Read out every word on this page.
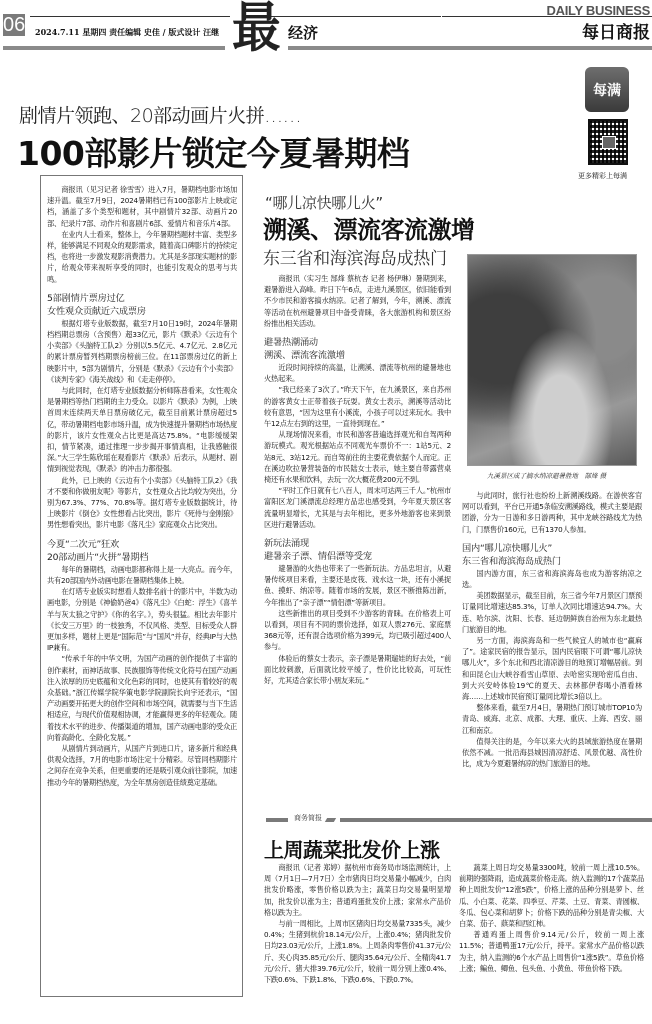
06 2024.7.11 星期四 责任编辑 史佳 / 版式设计 汪继 最 经济
DAILY BUSINESS
每日商报
每满
更多精彩上每满
剧情片领跑、20部动画片火拼……
100部影片锁定今夏暑期档

商报讯（见习记者 徐雪雪）进入7月，暑期档电影市场加速升温。截至7月9日，2024暑期档已有100部影片上映或定档，涵盖了多个类型和题材，其中剧情片32部、动画片20部、纪录片7部、动作片和喜剧片6部、爱情片和音乐片4部。

在业内人士看来，整体上，今年暑期档题材丰富、类型多样，能够满足不同观众的观影需求，随着高口碑影片的持续定档，也将进一步激发观影消费潜力。尤其是多部现实题材的影片，给观众带来视听享受的同时，也能引发观众的思考与共鸣。

5部剧情片票房过亿

女性观众贡献近六成票房

根据灯塔专业版数据，截至7月10日19时，2024年暑期档档期总票房（含预售）超33亿元，影片《默杀》《云边有个小卖部》《头脑特工队2》分别以5.5亿元、4.7亿元、2.8亿元的累计票房暂列档期票房榜前三位。在11部票房过亿的新上映影片中，5部为剧情片，分别是《默杀》《云边有个小卖部》《谈判专家》《海关战线》和《走走停停》。

与此同时，在灯塔专业版数据分析师陈普看来，女性观众是暑期档等热门档期的主力受众。以影片《默杀》为例，上映首周末连续两天单日票房破亿元，截至目前累计票房超过5亿，带动暑期档电影市场升温，成为快速提升暑期档市场热度的影片，该片女性观众占比更是高达75.8%。“电影缓缓架扣，情节紧凑，通过推理一步步揭开事情真相，让我感触很深。”大三学生陈欣瑶在观看影片《默杀》后表示，从题材、剧情到视觉表现，《默杀》的冲击力都很强。

此外，已上映的《云边有个小卖部》《头脑特工队2》《我才不要和你做朋友呢》等影片，女性观众占比均较为突出，分别为67.3%、77%、70.8%等。据灯塔专业版数据统计，待上映影片《倒仓》女性想看占比突出，影片《死侍与金刚狼》男性想看突出，影片电影《落凡尘》家庭观众占比突出。

今夏“二次元”狂欢

20部动画片“火拼”暑期档

每年的暑期档，动画电影都称得上是一大亮点。而今年，共有20部国内外动画电影在暑期档集体上映。

在灯塔专业版实时想看人数排名前十的影片中，半数为动画电影，分别是《神偷奶爸4》《落凡尘》《白蛇：浮生》《喜羊羊与灰太狼之守护》《你的名字。》，势头很猛。相比去年影片《长安三万里》的一枝独秀，不仅风格、类型、目标受众人群更加多样，题材上更是“国际范”与“国风”并存，经典IP与大热IP兼有。

“传承千年的中华文明，为国产动画的创作提供了丰富的创作素材，而神话故事、民族服饰等传统文化符号在国产动画注入浓厚的历史底蕴和文化色彩的同时，也使其有着较好的观众基础。”浙江传媒学院华策电影学院副院长向宇还表示，“国产动画要开拓更大的创作空间和市场空间，就需要与当下生活相适应，与现代价值观相协调，才能赢得更多的年轻观众。随着技术水平的进步、传播渠道的增加，国产动画电影的受众正向着高龄化、全龄化发展。”

从剧情片到动画片，从国产片到进口片，诸多新片和经典供观众选择，7月的电影市场注定十分精彩。尽管同档期影片之间存在竞争关系，但更重要的还是吸引观众前往影院，加速推动今年的暑期档热度，为全年票房创造佳绩奠定基础。

“哪儿凉快哪儿火”
溯溪、漂流客流激增
东三省和海滨海岛成热门

商报讯（实习生 郜烽 蔡杭杏 记者 杨伊琳）暑期到来，避暑游进入高峰。昨日下午6点，走进九溪景区，依旧能看到不少市民和游客搞水纳凉。记者了解到，今年，溯溪、漂流等活动在杭州避暑项目中备受青睐，各大旅游机构和景区纷纷推出相关活动。

避暑热潮涌动

溯溪、漂流客流激增

近段时间持续的高温，让溯溪、漂流等杭州的避暑地也火热起来。

“我已经来了3次了。”昨天下午，在九溪景区，来自苏州的游客黄女士正带着孩子玩耍。黄女士表示，溯溪等活动比较有意思，“因为这里有小溪流，小孩子可以过来玩水。我中午12点左右到的这里，一直待到现在。”

从现场情况来看，市民和游客普遍选择观光和自驾两种游玩模式。观光根据站点不同观光车票价不一：1站5元、2站8元、3站12元。而自驾前往的主要花费依据个人而定。正在溪边吹拉暑营装备的市民陆女士表示，她主要自带露营桌椅还有水果和饮料，去玩一次大概花费200元不到。

“平时工作日就有七八百人，周末可达两三千人。”杭州市富阳区龙门溪漂流总经理方品忠也感受到，今年夏天景区客流量明显增长，尤其是与去年相比，更多外地游客也来到景区进行避暑活动。

新玩法涌现

避暑亲子漂、情侣漂等受宠

避暑游的火热也带来了一些新玩法。方品忠坦言，从避暑传统项目来看，主要还是皮筏、戏水这一块，还有小溪捉鱼、摸虾、纳凉等。随着市场的发展，景区不断推陈出新，今年推出了“亲子漂”“情侣漂”等新项目。

这些新推出的项目受到不少游客的青睐。在价格表上可以看到，项目有不同的票价选择，如双人票276元、家庭票368元等，还有混合选项价格为399元，均已吸引超过400人参与。

体验后的蔡女士表示，亲子漂是暑期遛娃的好去处，“前面比较刺激，后面就比较平缓了，性价比比较高，可玩性好，尤其适合家长带小朋友来玩。”

九溪景区成了搞水纳凉避暑胜地　郜烽 摄

与此同时，旅行社也纷纷上新溯溪线路。在游侠客官网可以看到，平台已开通5条临安溯溪路线，模式主要是跟团游，分为一日游和多日游两种，其中龙峡谷路线尤为热门，门票售价160元，已有1370人参加。

国内“哪儿凉快哪儿火”

东三省和海滨海岛成热门

国内游方面，东三省和海滨海岛也成为游客纳凉之选。

美团数据显示，截至目前，东三省今年7月景区门票预订量同比增速达85.3%，订单人次同比增速达94.7%。大连、哈尔滨、沈阳、长春、延边朝鲜族自治州为东北最热门旅游目的地。

另一方面，海滨海岛和一些气候宜人的城市也“赢麻了”。途家民宿的报告显示，国内民宿眼下可谓“哪儿凉快哪儿火”，多个东北和西北清凉游目的地预订增幅居前。到和田昆仑山大峡谷看雪山草原、去哈密实现哈密瓜自由、到大兴安岭体验19℃的夏天、去林都伊春喝小酒看林海……上述城市民宿预订量同比增长3倍以上。

整体来看，截至7月4日，暑期热门预订城市TOP10为青岛、威海、北京、成都、大理、重庆、上海、西安、丽江和南京。

值得关注的是，今年以来大火的县域旅游热度在暑期依然不减。一批沿海县城因清凉舒适、风景优越、高性价比，成为今夏避暑纳凉的热门旅游目的地。

商务简报
上周蔬菜批发价上涨

商报讯（记者 郑婷）据杭州市商务局市场监测统计，上周（7月1日—7月7日）全市猪肉日均交易量小幅减少，白肉批发价略涨，零售价格以跌为主；蔬菜日均交易量明显增加，批发价以涨为主；普通鸡蛋批发价上涨；家常水产品价格以跌为主。

与前一周相比，上周市区猪肉日均交易量7335头，减少0.4%；生猪到杭价18.14元/公斤，上涨0.4%；猪肉批发价日均23.03元/公斤，上涨1.8%。上周条肉零售价41.37元/公斤、夹心肉35.85元/公斤、腿肉35.64元/公斤、全精肉41.7元/公斤、猪大排39.76元/公斤，较前一周分别上涨0.4%、下跌0.6%、下跌1.8%、下跌0.6%、下跌0.7%。

蔬菜上周日均交易量3300吨，较前一周上涨10.5%。前期的强降雨，造成蔬菜价格走高。纳入监测的17个蔬菜品种上周批发价“12涨5跌”，价格上涨的品种分别是萝卜、丝瓜、小白菜、花菜、四季豆、芹菜、土豆、青菜、青圆椒、冬瓜、包心菜和胡萝卜；价格下跌的品种分别是青尖椒、大白菜、茄子、蕻菜和西红柿。

普通鸡蛋上周售价9.14元/公斤，较前一周上涨11.5%；普通鸭蛋17元/公斤，持平。家常水产品价格以跌为主，纳入监测的6个水产品上周售价“1涨5跌”。草鱼价格上涨；鳊鱼、鲫鱼、包头鱼、小黄鱼、带鱼价格下跌。
